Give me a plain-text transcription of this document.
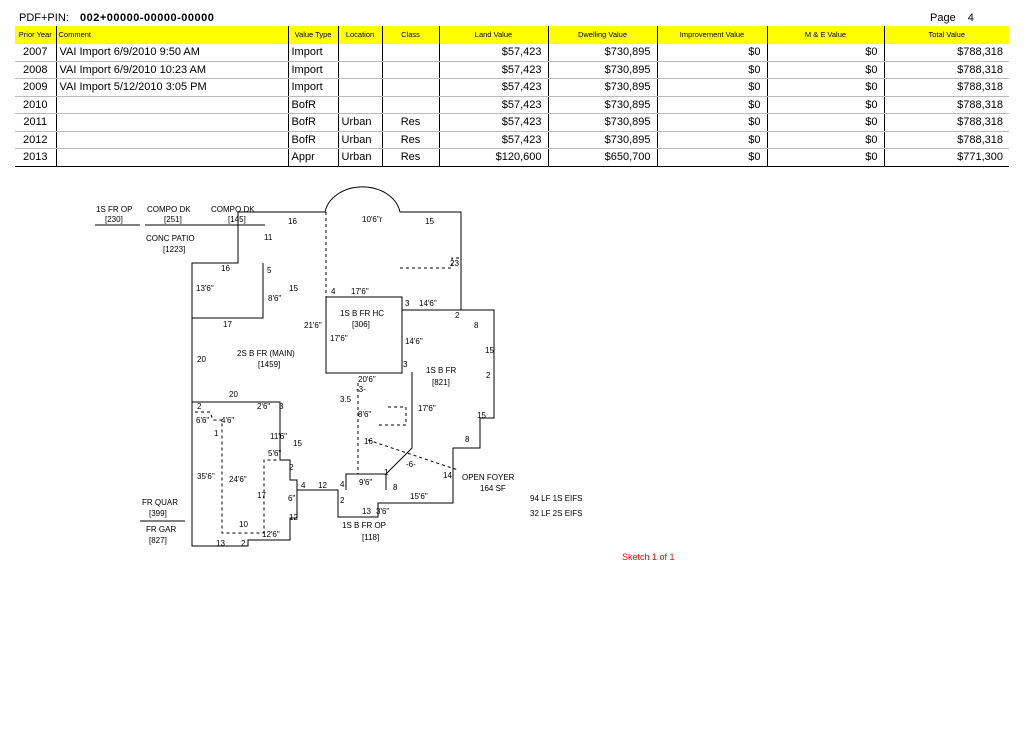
PDF+PIN: 002+00000-00000-00000	Page 4
Prior Year	Comment	Value Type	Location	Class	Land Value	Dwelling Value	Improvement Value	M & E Value	Total Value
2007	VAI Import 6/9/2010 9:50 AM	Import			$57,423	$730,895	$0	$0	$788,318
2008	VAI Import 6/9/2010 10:23 AM	Import			$57,423	$730,895	$0	$0	$788,318
2009	VAI Import 5/12/2010 3:05 PM	Import			$57,423	$730,895	$0	$0	$788,318
2010		BofR			$57,423	$730,895	$0	$0	$788,318
2011		BofR	Urban	Res	$57,423	$730,895	$0	$0	$788,318
2012		BofR	Urban	Res	$57,423	$730,895	$0	$0	$788,318
2013		Appr	Urban	Res	$120,600	$650,700	$0	$0	$771,300
1S FR OP
[230]
COMPO DK
[251]
COMPO DK
[145]
CONC PATIO
[1223]
FR QUAR
[399]
FR GAR
[827]
2S B FR (MAIN)
[1459]
1S B FR HC
[306]
1S B FR
[821]
1S B FR OP
[118]
OPEN FOYER
164 SF
94 LF 1S EIFS
32 LF 2S EIFS
16	10'6"r	15
11
23
16	5
13'6"	15
8'6"
4 17'6"
3 14'6"
2
17	21'6"
17'6"	14'6"
8
15
20
3
2
20'6"
-3-
3.5
8'6"
17'6"
20
2	2'6" 3
6'6" 4'6"
1	11'6"
15
5'6"
15
16	8
-6-
14
1
2
35'6" 24'6"
17	6"
4 12 4 9'6"
8
15'6"
2
12
13 3'6"
10
12'6"
13 2
Sketch 1 of 1
